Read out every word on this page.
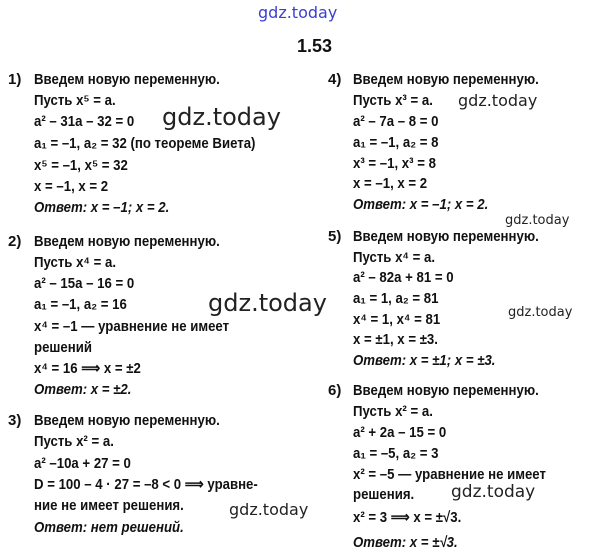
gdz.today
1.53
1) Введем новую переменную.
Пусть x⁵ = a.
a² – 31a – 32 = 0
a₁ = –1, a₂ = 32 (по теореме Виета)
x⁵ = –1, x⁵ = 32
x = –1, x = 2
Ответ: x = –1; x = 2.
2) Введем новую переменную.
Пусть x⁴ = a.
a² – 15a – 16 = 0
a₁ = –1, a₂ = 16
x⁴ = –1 — уравнение не имеет
решений
x⁴ = 16 ⟹ x = ±2
Ответ: x = ±2.
3) Введем новую переменную.
Пусть x² = a.
a² –10a + 27 = 0
D = 100 – 4 · 27 = –8 < 0 ⟹ уравне-
ние не имеет решения.
Ответ: нет решений.
4) Введем новую переменную.
Пусть x³ = a.
a² – 7a – 8 = 0
a₁ = –1, a₂ = 8
x³ = –1, x³ = 8
x = –1, x = 2
Ответ: x = –1; x = 2.
5) Введем новую переменную.
Пусть x⁴ = a.
a² – 82a + 81 = 0
a₁ = 1, a₂ = 81
x⁴ = 1, x⁴ = 81
x = ±1, x = ±3.
Ответ: x = ±1; x = ±3.
6) Введем новую переменную.
Пусть x² = a.
a² + 2a – 15 = 0
a₁ = –5, a₂ = 3
x² = –5 — уравнение не имеет
решения.
x² = 3 ⟹ x = ±√3.
Ответ: x = ±√3.
gdz.today
gdz.today
gdz.today
gdz.today	gdz.today
gdz.today
gdz.today
